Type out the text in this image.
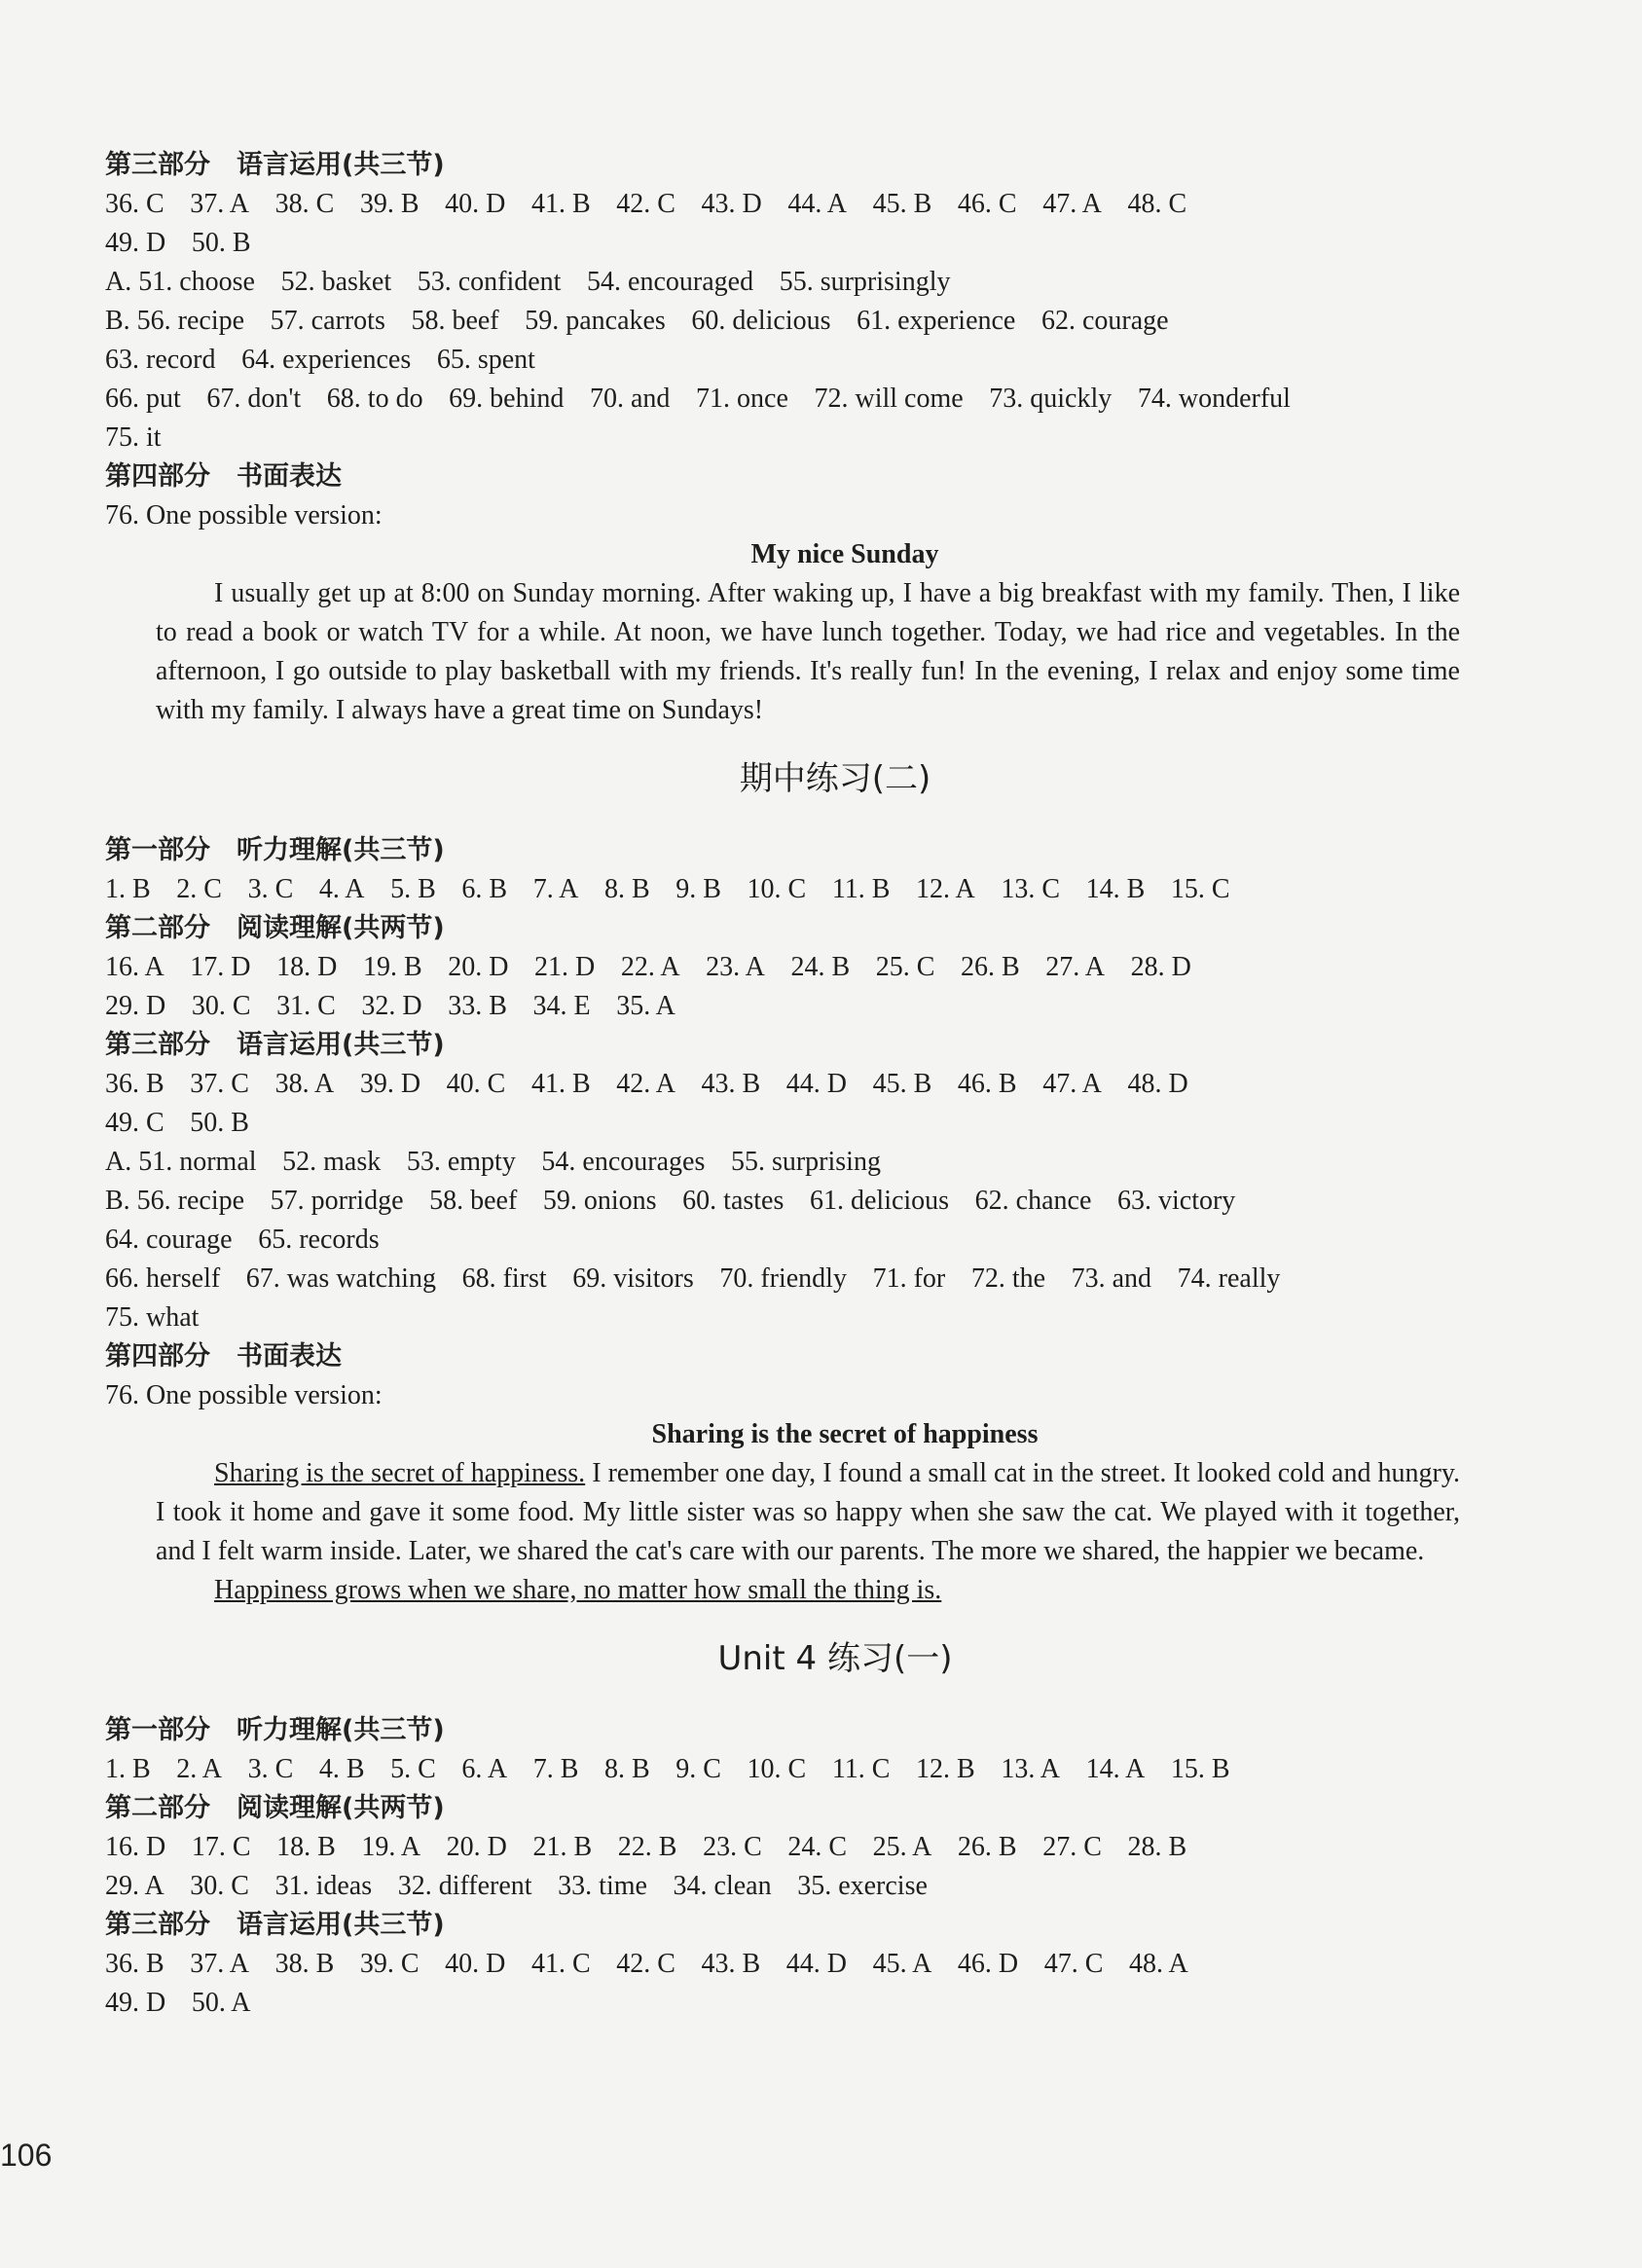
第三部分　语言运用(共三节)
36. C 37. A 38. C 39. B 40. D 41. B 42. C 43. D 44. A 45. B 46. C 47. A 48. C
49. D 50. B
A. 51. choose 52. basket 53. confident 54. encouraged 55. surprisingly
B. 56. recipe 57. carrots 58. beef 59. pancakes 60. delicious 61. experience 62. courage
63. record 64. experiences 65. spent
66. put 67. don't 68. to do 69. behind 70. and 71. once 72. will come 73. quickly 74. wonderful
75. it
第四部分　书面表达
76. One possible version:
My nice Sunday
I usually get up at 8:00 on Sunday morning. After waking up, I have a big breakfast with my family. Then, I like to read a book or watch TV for a while. At noon, we have lunch together. Today, we had rice and vegetables. In the afternoon, I go outside to play basketball with my friends. It's really fun! In the evening, I relax and enjoy some time with my family. I always have a great time on Sundays!
期中练习(二)
第一部分　听力理解(共三节)
1. B 2. C 3. C 4. A 5. B 6. B 7. A 8. B 9. B 10. C 11. B 12. A 13. C 14. B 15. C
第二部分　阅读理解(共两节)
16. A 17. D 18. D 19. B 20. D 21. D 22. A 23. A 24. B 25. C 26. B 27. A 28. D
29. D 30. C 31. C 32. D 33. B 34. E 35. A
第三部分　语言运用(共三节)
36. B 37. C 38. A 39. D 40. C 41. B 42. A 43. B 44. D 45. B 46. B 47. A 48. D
49. C 50. B
A. 51. normal 52. mask 53. empty 54. encourages 55. surprising
B. 56. recipe 57. porridge 58. beef 59. onions 60. tastes 61. delicious 62. chance 63. victory
64. courage 65. records
66. herself 67. was watching 68. first 69. visitors 70. friendly 71. for 72. the 73. and 74. really
75. what
第四部分　书面表达
76. One possible version:
Sharing is the secret of happiness
Sharing is the secret of happiness. I remember one day, I found a small cat in the street. It looked cold and hungry. I took it home and gave it some food. My little sister was so happy when she saw the cat. We played with it together, and I felt warm inside. Later, we shared the cat's care with our parents. The more we shared, the happier we became.
Happiness grows when we share, no matter how small the thing is.
Unit 4 练习(一)
第一部分　听力理解(共三节)
1. B 2. A 3. C 4. B 5. C 6. A 7. B 8. B 9. C 10. C 11. C 12. B 13. A 14. A 15. B
第二部分　阅读理解(共两节)
16. D 17. C 18. B 19. A 20. D 21. B 22. B 23. C 24. C 25. A 26. B 27. C 28. B
29. A 30. C 31. ideas 32. different 33. time 34. clean 35. exercise
第三部分　语言运用(共三节)
36. B 37. A 38. B 39. C 40. D 41. C 42. C 43. B 44. D 45. A 46. D 47. C 48. A
49. D 50. A
106
